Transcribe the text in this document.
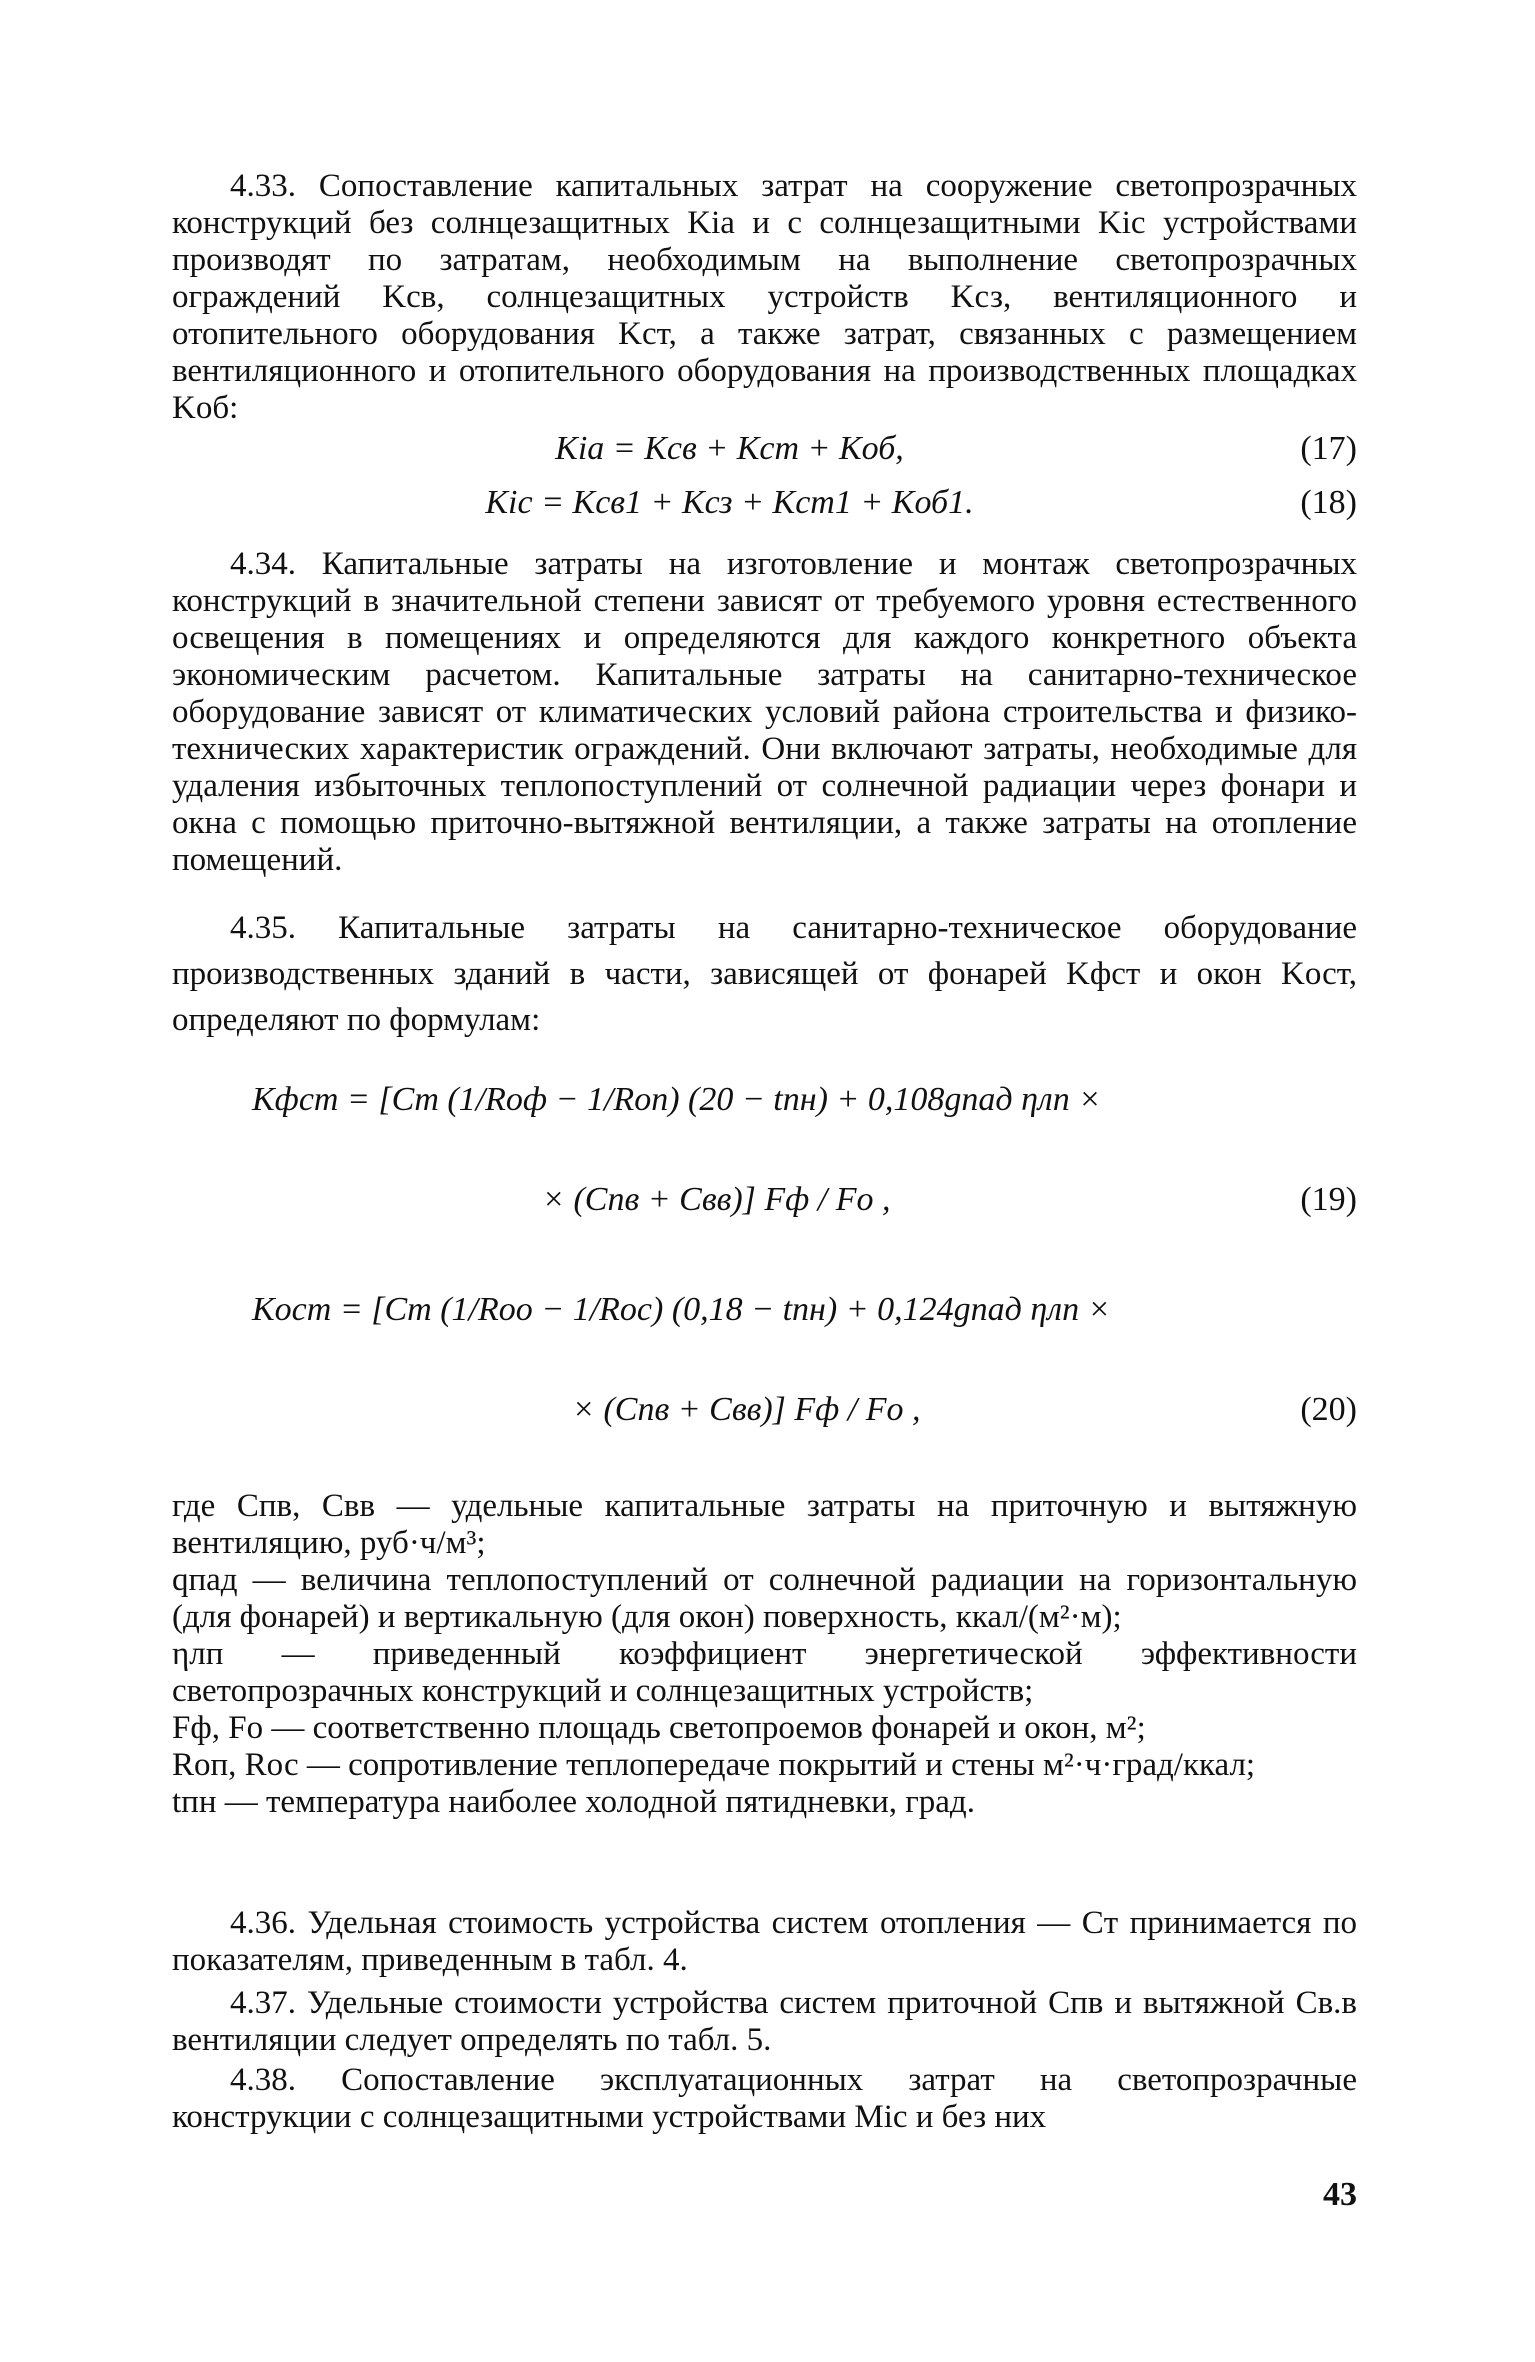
4.33. Сопоставление капитальных затрат на сооружение светопрозрачных конструкций без солнцезащитных Kia и с солнцезащитными Kic устройствами производят по затратам, необходимым на выполнение светопрозрачных ограждений Kсв, солнцезащитных устройств Kсз, вентиляционного и отопительного оборудования Kст, а также затрат, связанных с размещением вентиляционного и отопительного оборудования на производственных площадках Kоб:

Kia = Kсв + Kст + Kоб,	(17)
Kic = Kсв1 + Kсз + Kст1 + Kоб1.	(18)

4.34. Капитальные затраты на изготовление и монтаж светопрозрачных конструкций в значительной степени зависят от требуемого уровня естественного освещения в помещениях и определяются для каждого конкретного объекта экономическим расчетом. Капитальные затраты на санитарно-техническое оборудование зависят от климатических условий района строительства и физико-технических характеристик ограждений. Они включают затраты, необходимые для удаления избыточных теплопоступлений от солнечной радиации через фонари и окна с помощью приточно-вытяжной вентиляции, а также затраты на отопление помещений.

4.35. Капитальные затраты на санитарно-техническое оборудование производственных зданий в части, зависящей от фонарей Kфст и окон Kост, определяют по формулам:

Kфст = [Cт (1/Rоф − 1/Rоп) (20 − tпн) + 0,108gпад ηлп ×
× (Cпв + Cвв)] Fф / Fо ,	(19)
Kост = [Cт (1/Rоо − 1/Rос) (0,18 − tпн) + 0,124gпад ηлп ×
× (Cпв + Cвв)] Fф / Fо ,	(20)

где Cпв, Cвв — удельные капитальные затраты на приточную и вытяжную вентиляцию, руб·ч/м³;

qпад — величина теплопоступлений от солнечной радиации на горизонтальную (для фонарей) и вертикальную (для окон) поверхность, ккал/(м²·м);

ηлп — приведенный коэффициент энергетической эффективности светопрозрачных конструкций и солнцезащитных устройств;

Fф, Fо — соответственно площадь светопроемов фонарей и окон, м²;

Rоп, Rос — сопротивление теплопередаче покрытий и стены м²·ч·град/ккал;

tпн — температура наиболее холодной пятидневки, град.

4.36. Удельная стоимость устройства систем отопления — Cт принимается по показателям, приведенным в табл. 4.

4.37. Удельные стоимости устройства систем приточной Cпв и вытяжной Cв.в вентиляции следует определять по табл. 5.

4.38. Сопоставление эксплуатационных затрат на светопрозрачные конструкции с солнцезащитными устройствами Mic и без них

43
